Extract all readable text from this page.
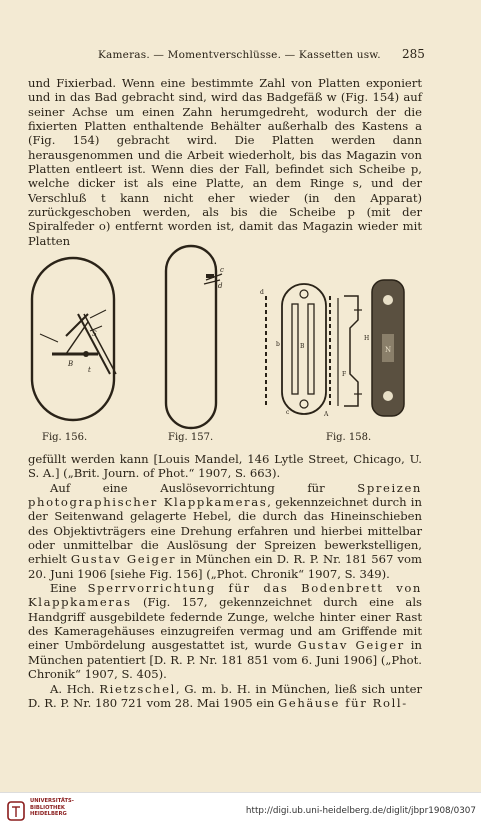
Kameras. — Momentverschlüsse. — Kassetten usw.	285

und Fixierbad. Wenn eine bestimmte Zahl von Platten exponiert und in das Bad gebracht sind, wird das Badgefäß w (Fig. 154) auf seiner Achse um einen Zahn herumgedreht, wodurch der die fixierten Platten enthaltende Behälter außerhalb des Kastens a (Fig. 154) gebracht wird. Die Platten werden dann herausgenommen und die Arbeit wiederholt, bis das Magazin von Platten entleert ist. Wenn dies der Fall, befindet sich Scheibe p, welche dicker ist als eine Platte, an dem Ringe s, und der Verschluß t kann nicht eher wieder (in den Apparat) zurückgeschoben werden, als bis die Scheibe p (mit der Spiralfeder o) entfernt worden ist, damit das Magazin wieder mit Platten

S
B
t
Fig. 156.
c
d
Fig. 157.
d
b
c
B
A
F
H
N
Fig. 158.

gefüllt werden kann [Louis Mandel, 146 Lytle Street, Chicago, U. S. A.] („Brit. Journ. of Phot.“ 1907, S. 663).

Auf eine Auslösevorrichtung für	Spreizen photographischer Klappkameras, gekennzeichnet durch in der Seitenwand gelagerte Hebel, die durch das Hineinschieben des Objektivträgers eine Drehung erfahren und hierbei mittelbar oder unmittelbar die Auslösung der Spreizen bewerkstelligen, erhielt Gustav Geiger in München ein D. R. P. Nr. 181 567 vom 20. Juni 1906 [siehe Fig. 156] („Phot. Chronik“ 1907, S. 349).

Eine Sperrvorrichtung für das Bodenbrett von Klappkameras (Fig. 157, gekennzeichnet durch eine als Handgriff ausgebildete federnde Zunge, welche hinter einer Rast des Kameragehäuses einzugreifen vermag und am Griffende mit einer Umbördelung ausgestattet ist, wurde Gustav Geiger in München patentiert [D. R. P. Nr. 181 851 vom 6. Juni 1906] („Phot. Chronik“ 1907, S. 405).

A. Hch. Rietzschel, G. m. b. H. in München, ließ sich unter D. R. P. Nr. 180 721 vom 28. Mai 1905 ein Gehäuse für Roll-

UNIVERSITÄTS-
BIBLIOTHEK
HEIDELBERG	http://digi.ub.uni-heidelberg.de/diglit/jbpr1908/0307
